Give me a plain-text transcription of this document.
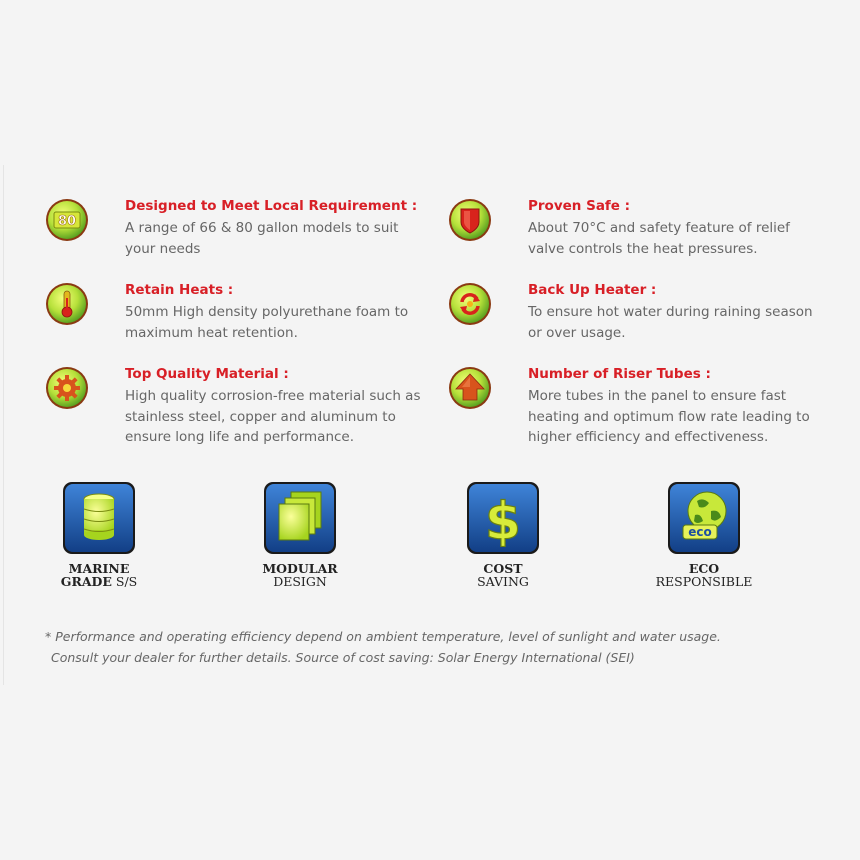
80
Designed to Meet Local Requirement :
A range of 66 & 80 gallon models to suit your needs
Proven Safe :
About 70°C and safety feature of relief valve controls the heat pressures.
Retain Heats :
50mm High density polyurethane foam to maximum heat retention.
Back Up Heater :
To ensure hot water during raining season or over usage.
Top Quality Material :
High quality corrosion-free material such as stainless steel, copper and aluminum to ensure long life and performance.
Number of Riser Tubes :
More tubes in the panel to ensure fast heating and optimum flow rate leading to higher efficiency and effectiveness.
MARINE
GRADE S/S
MODULAR
DESIGN
$
COST
SAVING
eco
ECO
RESPONSIBLE
* Performance and operating efficiency depend on ambient temperature, level of sunlight and water usage.
Consult your dealer for further details. Source of cost saving: Solar Energy International (SEI)
